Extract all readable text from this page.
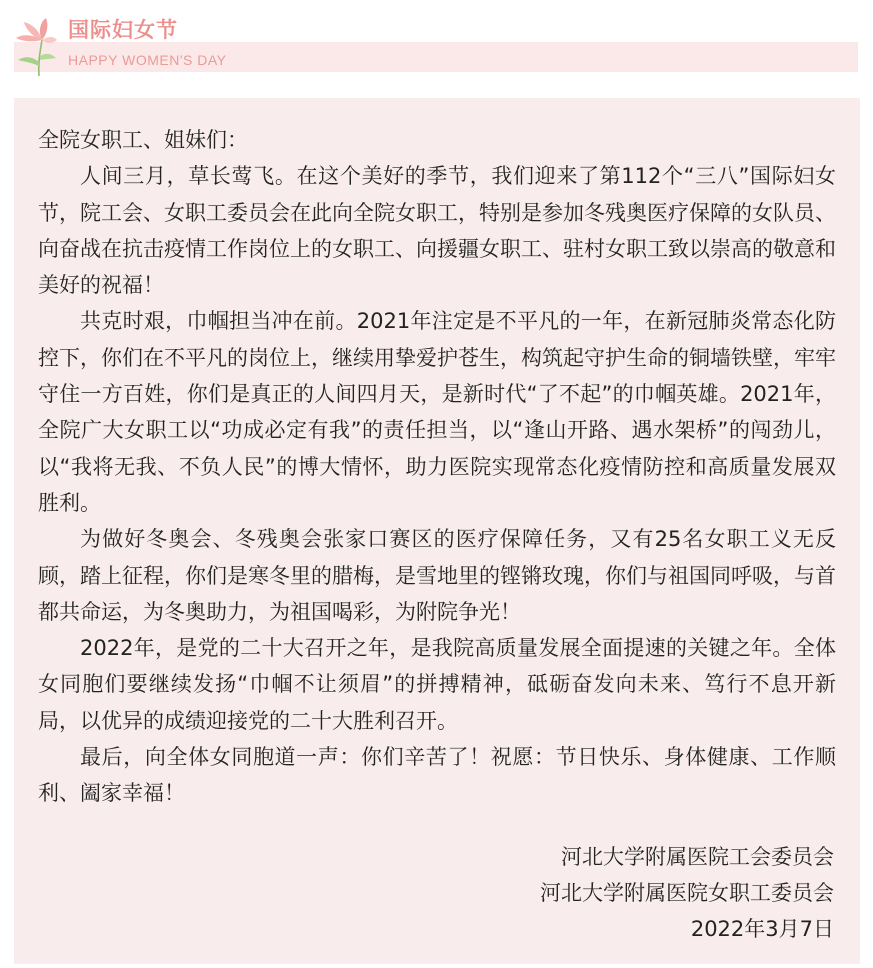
国际妇女节
HAPPY WOMEN'S DAY

全院女职工、姐妹们：

人间三月，草长莺飞。在这个美好的季节，我们迎来了第112个“三八”国际妇女节，院工会、女职工委员会在此向全院女职工，特别是参加冬残奥医疗保障的女队员、向奋战在抗击疫情工作岗位上的女职工、向援疆女职工、驻村女职工致以崇高的敬意和美好的祝福！

共克时艰，巾帼担当冲在前。2021年注定是不平凡的一年，在新冠肺炎常态化防控下，你们在不平凡的岗位上，继续用挚爱护苍生，构筑起守护生命的铜墙铁壁，牢牢守住一方百姓，你们是真正的人间四月天，是新时代“了不起”的巾帼英雄。2021年，全院广大女职工以“功成必定有我”的责任担当，以“逢山开路、遇水架桥”的闯劲儿，以“我将无我、不负人民”的博大情怀，助力医院实现常态化疫情防控和高质量发展双胜利。

为做好冬奥会、冬残奥会张家口赛区的医疗保障任务，又有25名女职工义无反顾，踏上征程，你们是寒冬里的腊梅，是雪地里的铿锵玫瑰，你们与祖国同呼吸，与首都共命运，为冬奥助力，为祖国喝彩，为附院争光！

2022年，是党的二十大召开之年，是我院高质量发展全面提速的关键之年。全体女同胞们要继续发扬“巾帼不让须眉”的拼搏精神，砥砺奋发向未来、笃行不息开新局，以优异的成绩迎接党的二十大胜利召开。

最后，向全体女同胞道一声：你们辛苦了！祝愿：节日快乐、身体健康、工作顺利、阖家幸福！

河北大学附属医院工会委员会
河北大学附属医院女职工委员会
2022年3月7日
